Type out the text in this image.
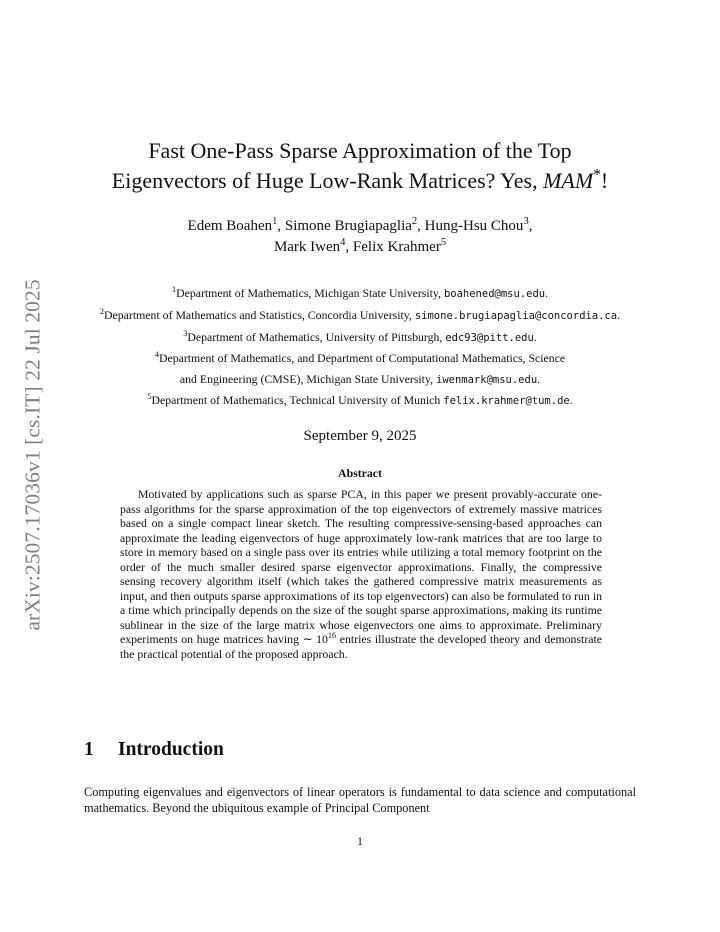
arXiv:2507.17036v1 [cs.IT] 22 Jul 2025
Fast One-Pass Sparse Approximation of the Top
Eigenvectors of Huge Low-Rank Matrices? Yes, MAM*!
Edem Boahen$^1$, Simone Brugiapaglia$^2$, Hung-Hsu Chou$^3$,
Mark Iwen$^4$, Felix Krahmer$^5$
$^1$Department of Mathematics, Michigan State University, boahened@msu.edu.
$^2$Department of Mathematics and Statistics, Concordia University, simone.brugiapaglia@concordia.ca.
$^3$Department of Mathematics, University of Pittsburgh, edc93@pitt.edu.
$^4$Department of Mathematics, and Department of Computational Mathematics, Science
and Engineering (CMSE), Michigan State University, iwenmark@msu.edu.
$^5$Department of Mathematics, Technical University of Munich felix.krahmer@tum.de.
September 9, 2025
Abstract
Motivated by applications such as sparse PCA, in this paper we present provably-accurate one-pass algorithms for the sparse approximation of the top eigenvectors of extremely massive matrices based on a single compact linear sketch. The resulting compressive-sensing-based approaches can approximate the leading eigenvectors of huge approximately low-rank matrices that are too large to store in memory based on a single pass over its entries while utilizing a total memory footprint on the order of the much smaller desired sparse eigenvector approximations. Finally, the compressive sensing recovery algorithm itself (which takes the gathered compressive matrix measurements as input, and then outputs sparse approximations of its top eigenvectors) can also be formulated to run in a time which principally depends on the size of the sought sparse approximations, making its runtime sublinear in the size of the large matrix whose eigenvectors one aims to approximate. Preliminary experiments on huge matrices having ∼ $10^{16}$ entries illustrate the developed theory and demonstrate the practical potential of the proposed approach.
1 Introduction
Computing eigenvalues and eigenvectors of linear operators is fundamental to data science and computational mathematics. Beyond the ubiquitous example of Principal Component
1
